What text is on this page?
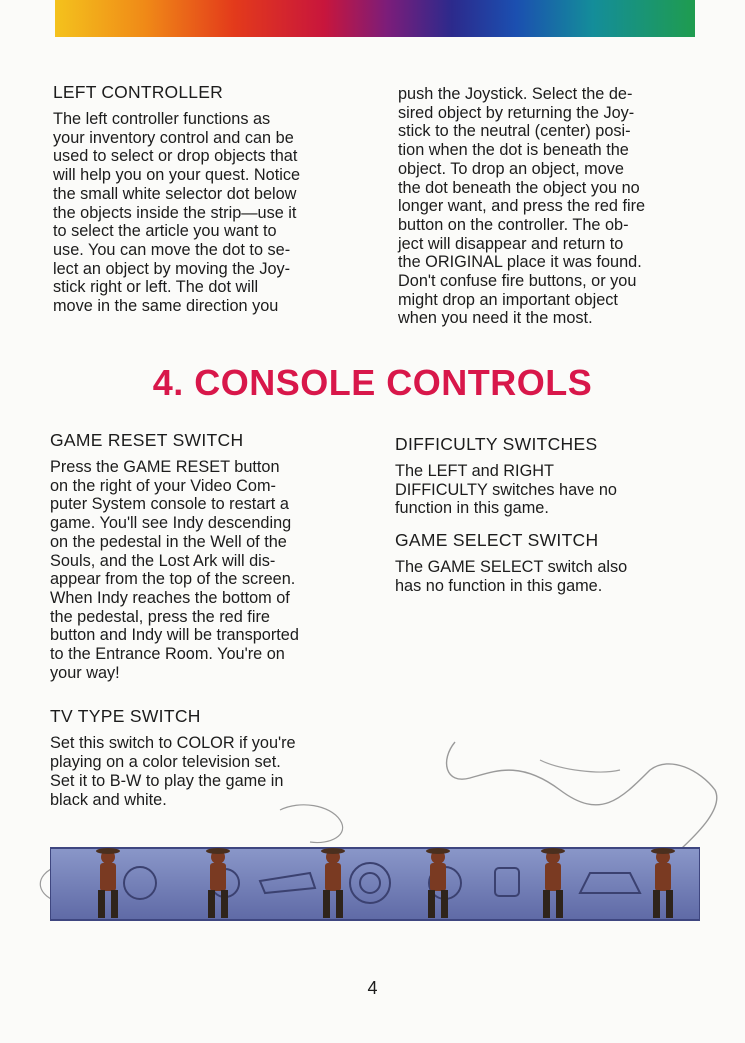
LEFT CONTROLLER

The left controller functions as
your inventory control and can be
used to select or drop objects that
will help you on your quest. Notice
the small white selector dot below
the objects inside the strip—use it
to select the article you want to
use. You can move the dot to se-
lect an object by moving the Joy-
stick right or left. The dot will
move in the same direction you

push the Joystick. Select the de-
sired object by returning the Joy-
stick to the neutral (center) posi-
tion when the dot is beneath the
object. To drop an object, move
the dot beneath the object you no
longer want, and press the red fire
button on the controller. The ob-
ject will disappear and return to
the ORIGINAL place it was found.
Don't confuse fire buttons, or you
might drop an important object
when you need it the most.

4. CONSOLE CONTROLS
GAME RESET SWITCH

Press the GAME RESET button
on the right of your Video Com-
puter System console to restart a
game. You'll see Indy descending
on the pedestal in the Well of the
Souls, and the Lost Ark will dis-
appear from the top of the screen.
When Indy reaches the bottom of
the pedestal, press the red fire
button and Indy will be transported
to the Entrance Room. You're on
your way!

TV TYPE SWITCH

Set this switch to COLOR if you're
playing on a color television set.
Set it to B-W to play the game in
black and white.

DIFFICULTY SWITCHES

The LEFT and RIGHT
DIFFICULTY switches have no
function in this game.

GAME SELECT SWITCH

The GAME SELECT switch also
has no function in this game.

4
